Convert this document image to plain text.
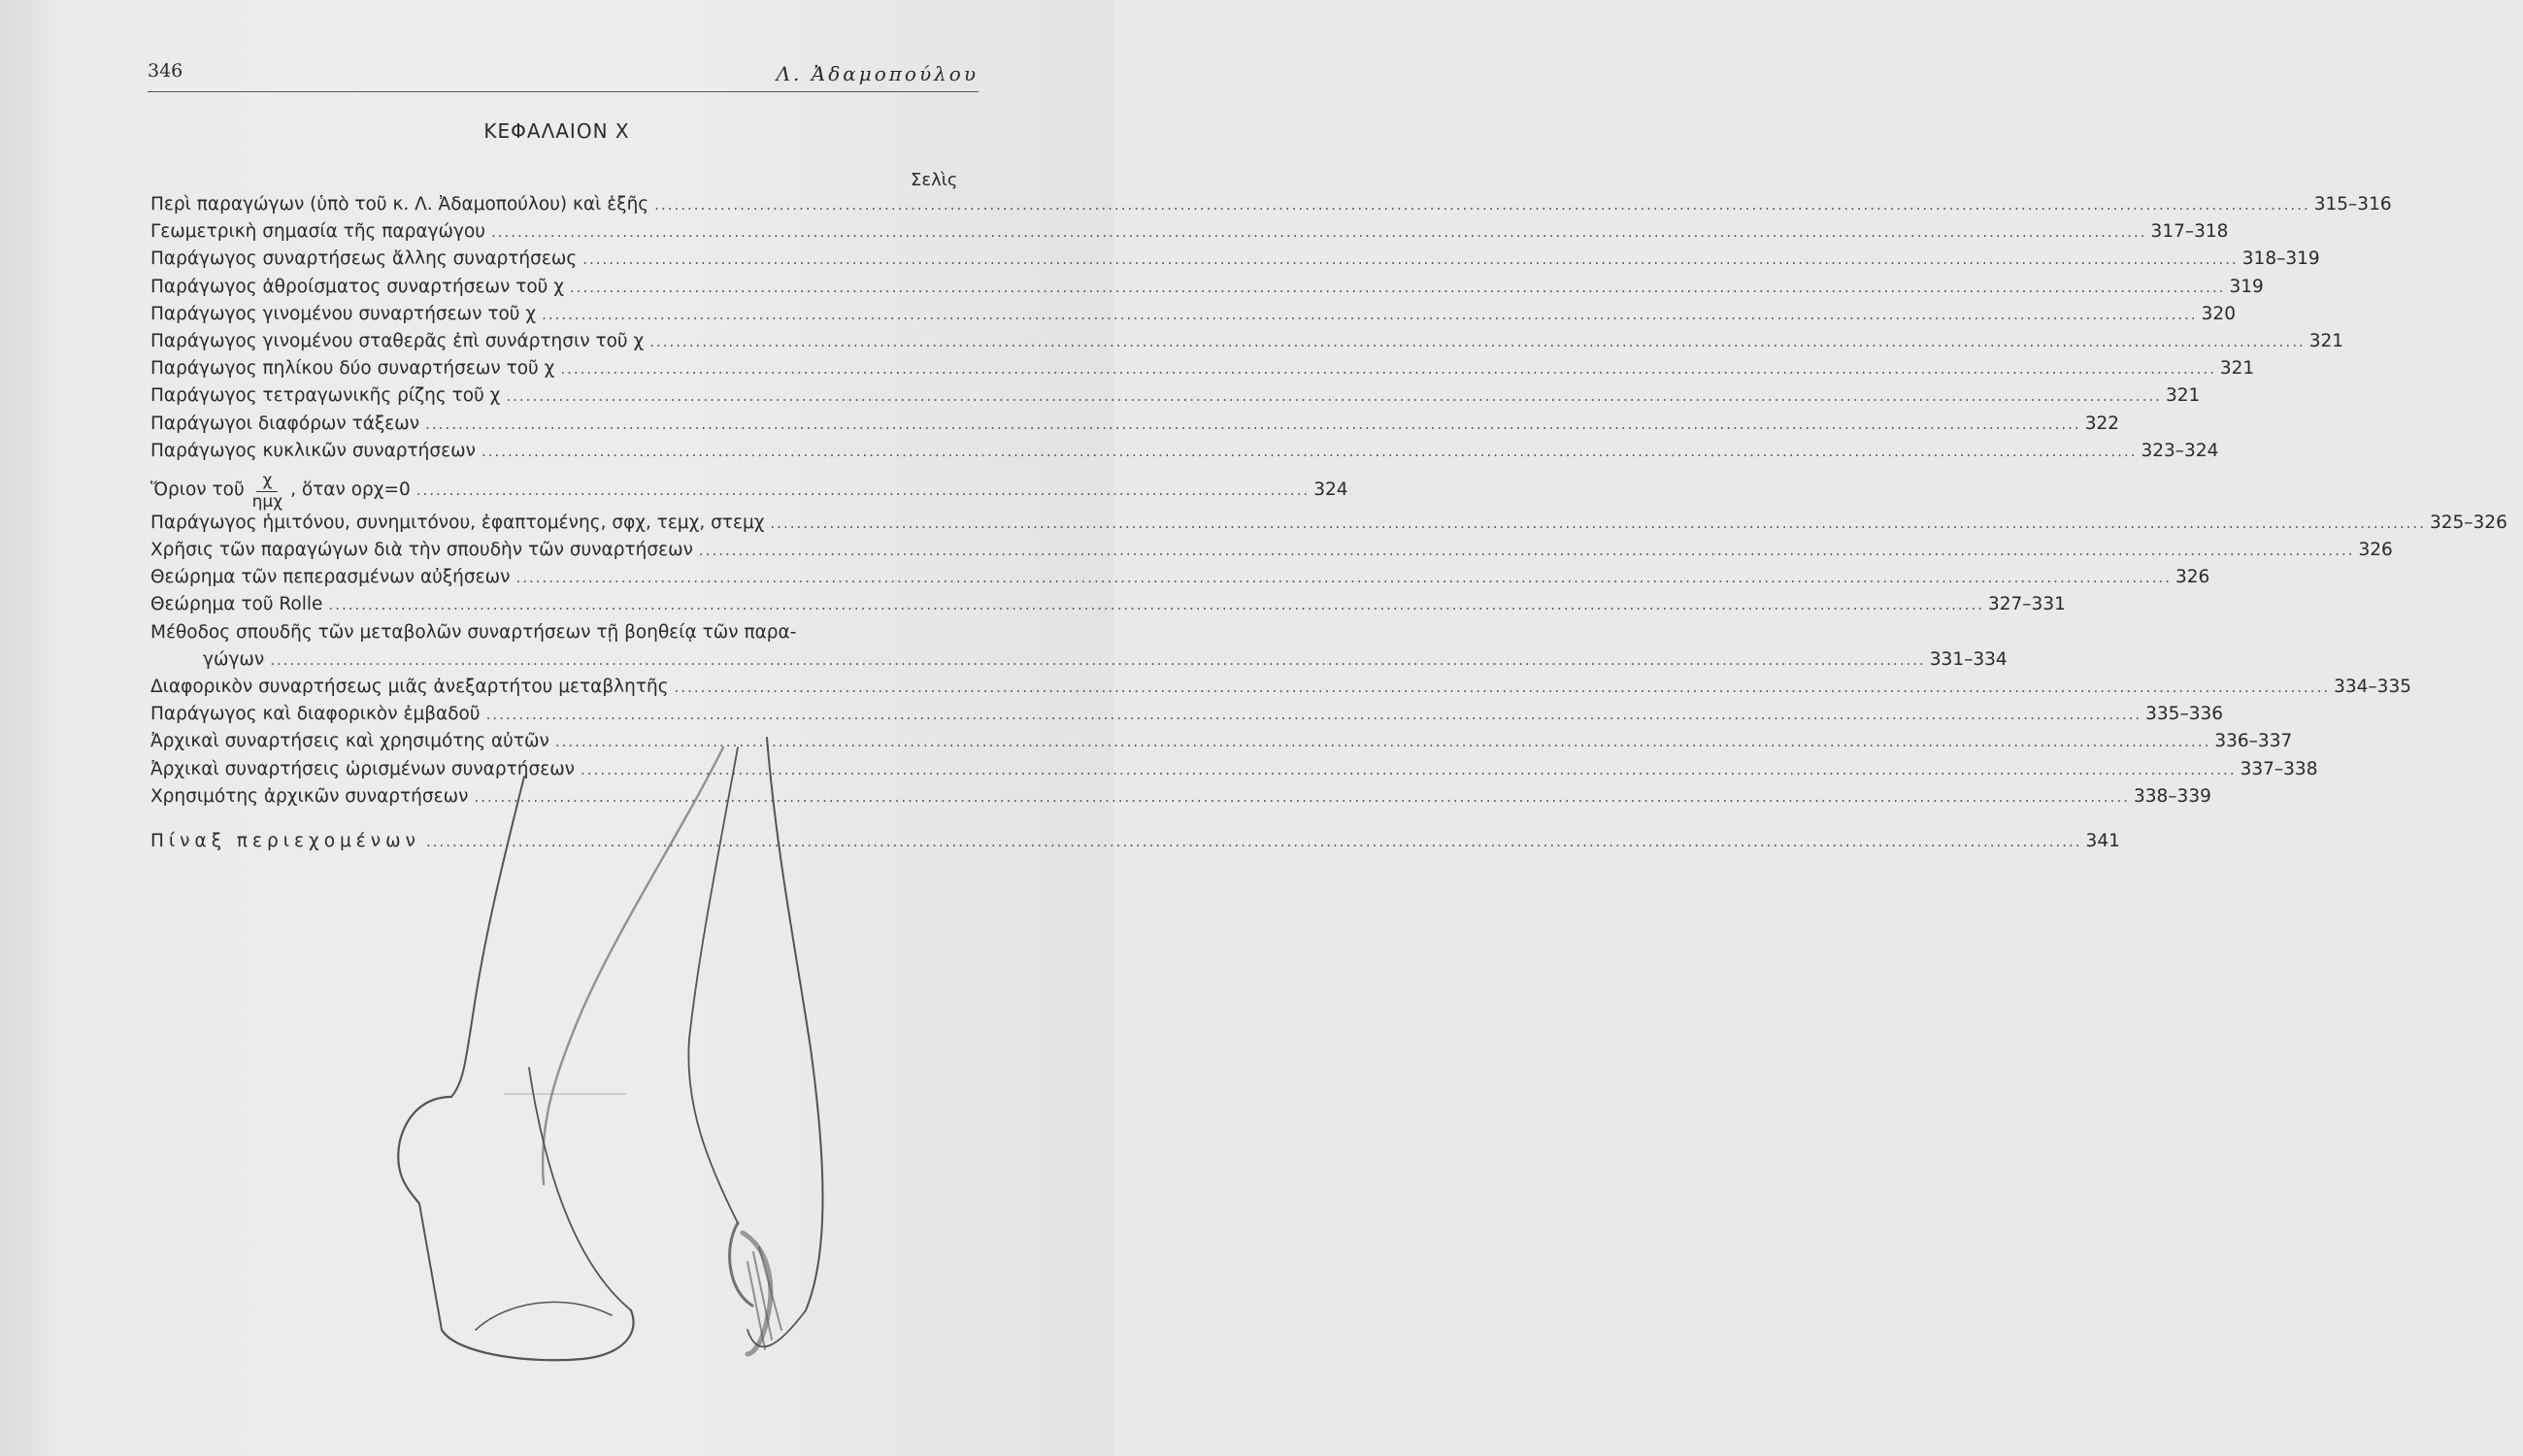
346	Λ. Ἀδαμοπούλου
ΚΕΦΑΛΑΙΟΝ Χ
Σελὶς
Περὶ παραγώγων (ὑπὸ τοῦ κ. Λ. Ἀδαμοπούλου) καὶ ἑξῆς .....	315–316
Γεωμετρικὴ σημασία τῆς παραγώγου .....	317–318
Παράγωγος συναρτήσεως ἄλλης συναρτήσεως .....	318–319
Παράγωγος ἀθροίσματος συναρτήσεων τοῦ χ .....	319
Παράγωγος γινομένου συναρτήσεων τοῦ χ .....	320
Παράγωγος γινομένου σταθερᾶς ἐπὶ συνάρτησιν τοῦ χ .....	321
Παράγωγος πηλίκου δύο συναρτήσεων τοῦ χ .....	321
Παράγωγος τετραγωνικῆς ρίζης τοῦ χ .....	321
Παράγωγοι διαφόρων τάξεων .....	322
Παράγωγος κυκλικῶν συναρτήσεων .....	323–324
Ὅριον τοῦ $\frac{\chi}{\text{ημχ}}$ , ὅταν ορχ=0 ........................................................................................................................................ 324
Παράγωγος ἡμιτόνου, συνημιτόνου, ἐφαπτομένης, σφχ, τεμχ, στεμχ .....	325–326
Χρῆσις τῶν παραγώγων διὰ τὴν σπουδὴν τῶν συναρτήσεων .....	326
Θεώρημα τῶν πεπερασμένων αὐξήσεων .....	326
Θεώρημα τοῦ Rolle .....	327–331
Μέθοδος σπουδῆς τῶν μεταβολῶν συναρτήσεων τῇ βοηθείᾳ τῶν παρα-
γώγων .....	331–334
Διαφορικὸν συναρτήσεως μιᾶς ἀνεξαρτήτου μεταβλητῆς .....	334–335
Παράγωγος καὶ διαφορικὸν ἐμβαδοῦ .....	335–336
Ἀρχικαὶ συναρτήσεις καὶ χρησιμότης αὐτῶν .....	336–337
Ἀρχικαὶ συναρτήσεις ὡρισμένων συναρτήσεων .....	337–338
Χρησιμότης ἀρχικῶν συναρτήσεων .....	338–339
Πίναξ περιεχομένων .....	341
